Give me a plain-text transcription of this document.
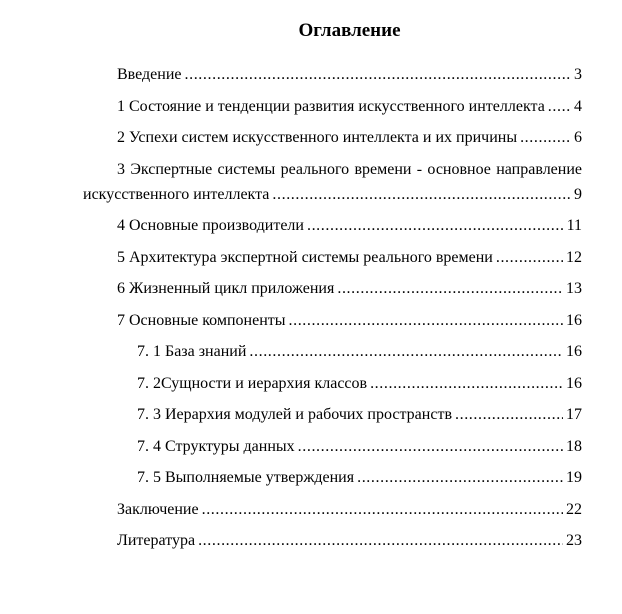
Оглавление
Введение .....	3
1 Состояние и тенденции развития искусственного интеллекта ..... 4
2 Успехи систем искусственного интеллекта и их причины .....	6
3 Экспертные системы реального времени - основное направление
искусственного интеллекта .....	9
4 Основные производители .....	11
5 Архитектура экспертной системы реального времени .....	12
6 Жизненный цикл приложения .....	13
7 Основные компоненты .....	16
7. 1 База знаний .....	16
7. 2Сущности и иерархия классов .....	16
7. 3 Иерархия модулей и рабочих пространств .....	17
7. 4 Структуры данных .....	18
7. 5 Выполняемые утверждения .....	19
Заключение .....	22
Литература .....	23
